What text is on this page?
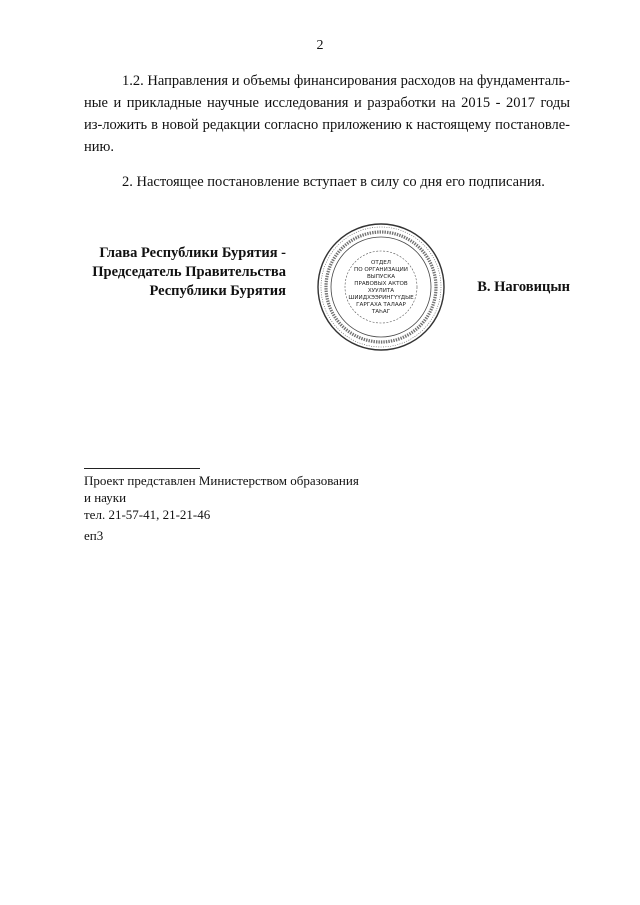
2

1.2. Направления и объемы финансирования расходов на фундаменталь-ные и прикладные научные исследования и разработки на 2015 - 2017 годы из-ложить в новой редакции согласно приложению к настоящему постановле-нию.

2. Настоящее постановление вступает в силу со дня его подписания.

Глава Республики Бурятия -
Председатель Правительства
Республики Бурятия
ОТДЕЛ
ПО ОРГАНИЗАЦИИ
ВЫПУСКА
ПРАВОВЫХ АКТОВ
ХУУЛИТА
ШИИДХЭЭРИНГҮҮДЫЕ
ГАРГАХА ТАЛААР
ТАҺАГ
В. Наговицын
Проект представлен Министерством образования
и науки
тел. 21-57-41, 21-21-46
еп3
